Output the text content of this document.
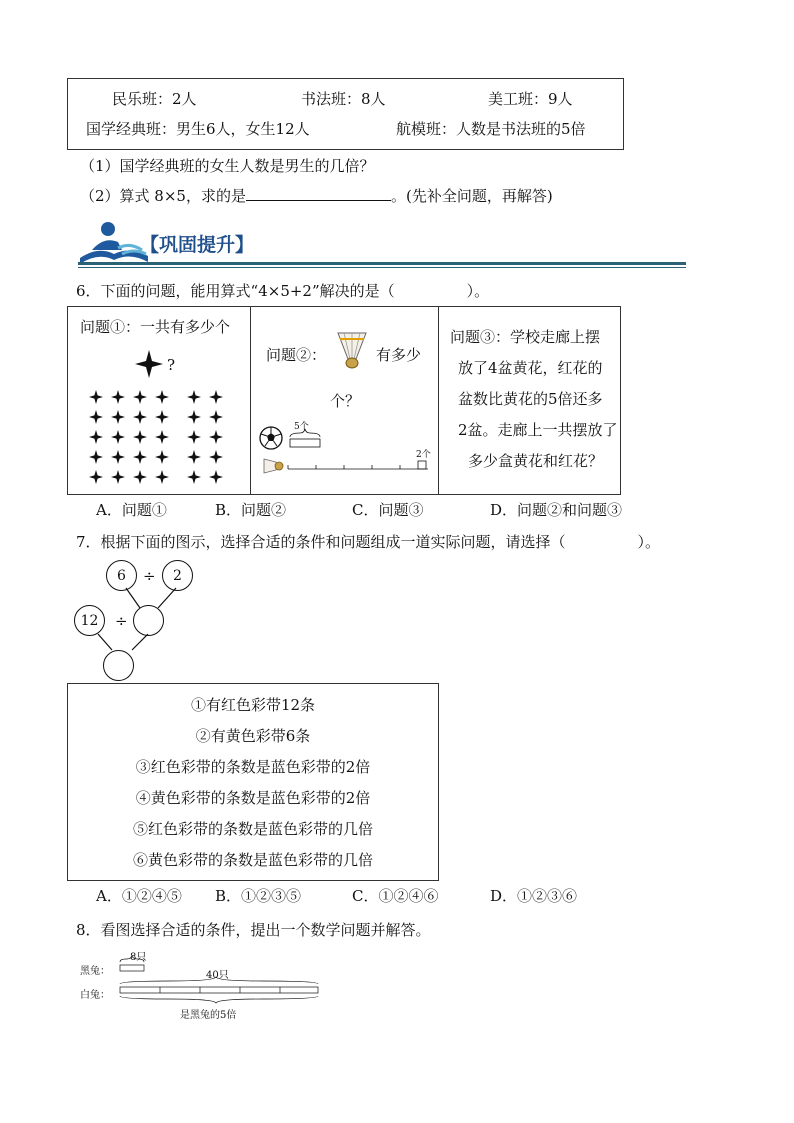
民乐班：2人	书法班：8人	美工班：9人
国学经典班：男生6人，女生12人	航模班：人数是书法班的5倍
（1）国学经典班的女生人数是男生的几倍？
（2）算式 8×5，求的是	。(先补全问题，再解答)
【巩固提升】
6．下面的问题，能用算式“4×5+2”解决的是（	）。
问题①：一共有多少个
?
问题②：	有多少
个？
5个
2个
问题③：学校走廊上摆
放了4盆黄花，红花的
盆数比黄花的5倍还多
2盆。走廊上一共摆放了
多少盒黄花和红花？
A．问题①	B．问题②	C．问题③	D．问题②和问题③
7．根据下面的图示，选择合适的条件和问题组成一道实际问题，请选择（	）。
6	÷	2
12	÷
①有红色彩带12条
②有黄色彩带6条
③红色彩带的条数是蓝色彩带的2倍
④黄色彩带的条数是蓝色彩带的2倍
⑤红色彩带的条数是蓝色彩带的几倍
⑥黄色彩带的条数是蓝色彩带的几倍
A．①②④⑤ B．①②③⑤	C．①②④⑥	D．①②③⑥
8．看图选择合适的条件，提出一个数学问题并解答。
黑兔：
白兔：
8只
40只
是黑兔的5倍
